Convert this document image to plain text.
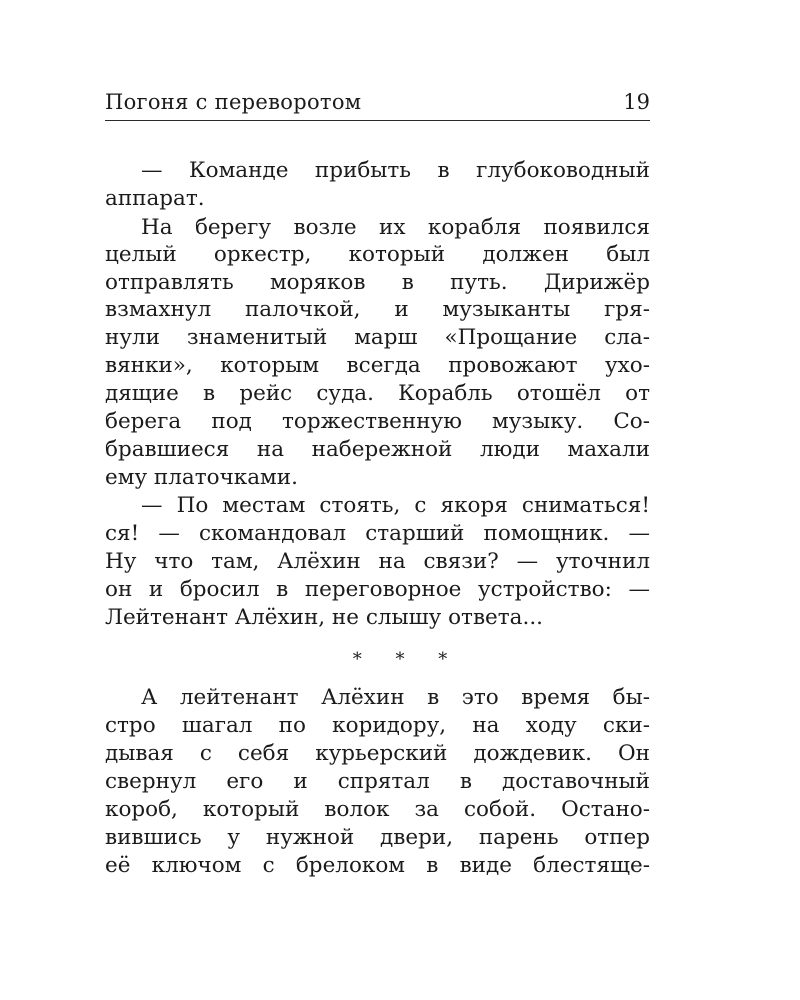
Погоня с переворотом	19
— Команде прибыть в глубоководный
аппарат.
На берегу возле их корабля появился
целый оркестр, который должен был
отправлять моряков в путь. Дирижёр
взмахнул палочкой, и музыканты гря-
нули знаменитый марш «Прощание сла-
вянки», которым всегда провожают ухо-
дящие в рейс суда. Корабль отошёл от
берега под торжественную музыку. Со-
бравшиеся на набережной люди махали
ему платочками.
— По местам стоять, с якоря сниматься!
ся! — скомандовал старший помощник. —
Ну что там, Алёхин на связи? — уточнил
он и бросил в переговорное устройство: —
Лейтенант Алёхин, не слышу ответа...
* * *
А лейтенант Алёхин в это время бы-
стро шагал по коридору, на ходу ски-
дывая с себя курьерский дождевик. Он
свернул его и спрятал в доставочный
короб, который волок за собой. Остано-
вившись у нужной двери, парень отпер
её ключом с брелоком в виде блестяще-
